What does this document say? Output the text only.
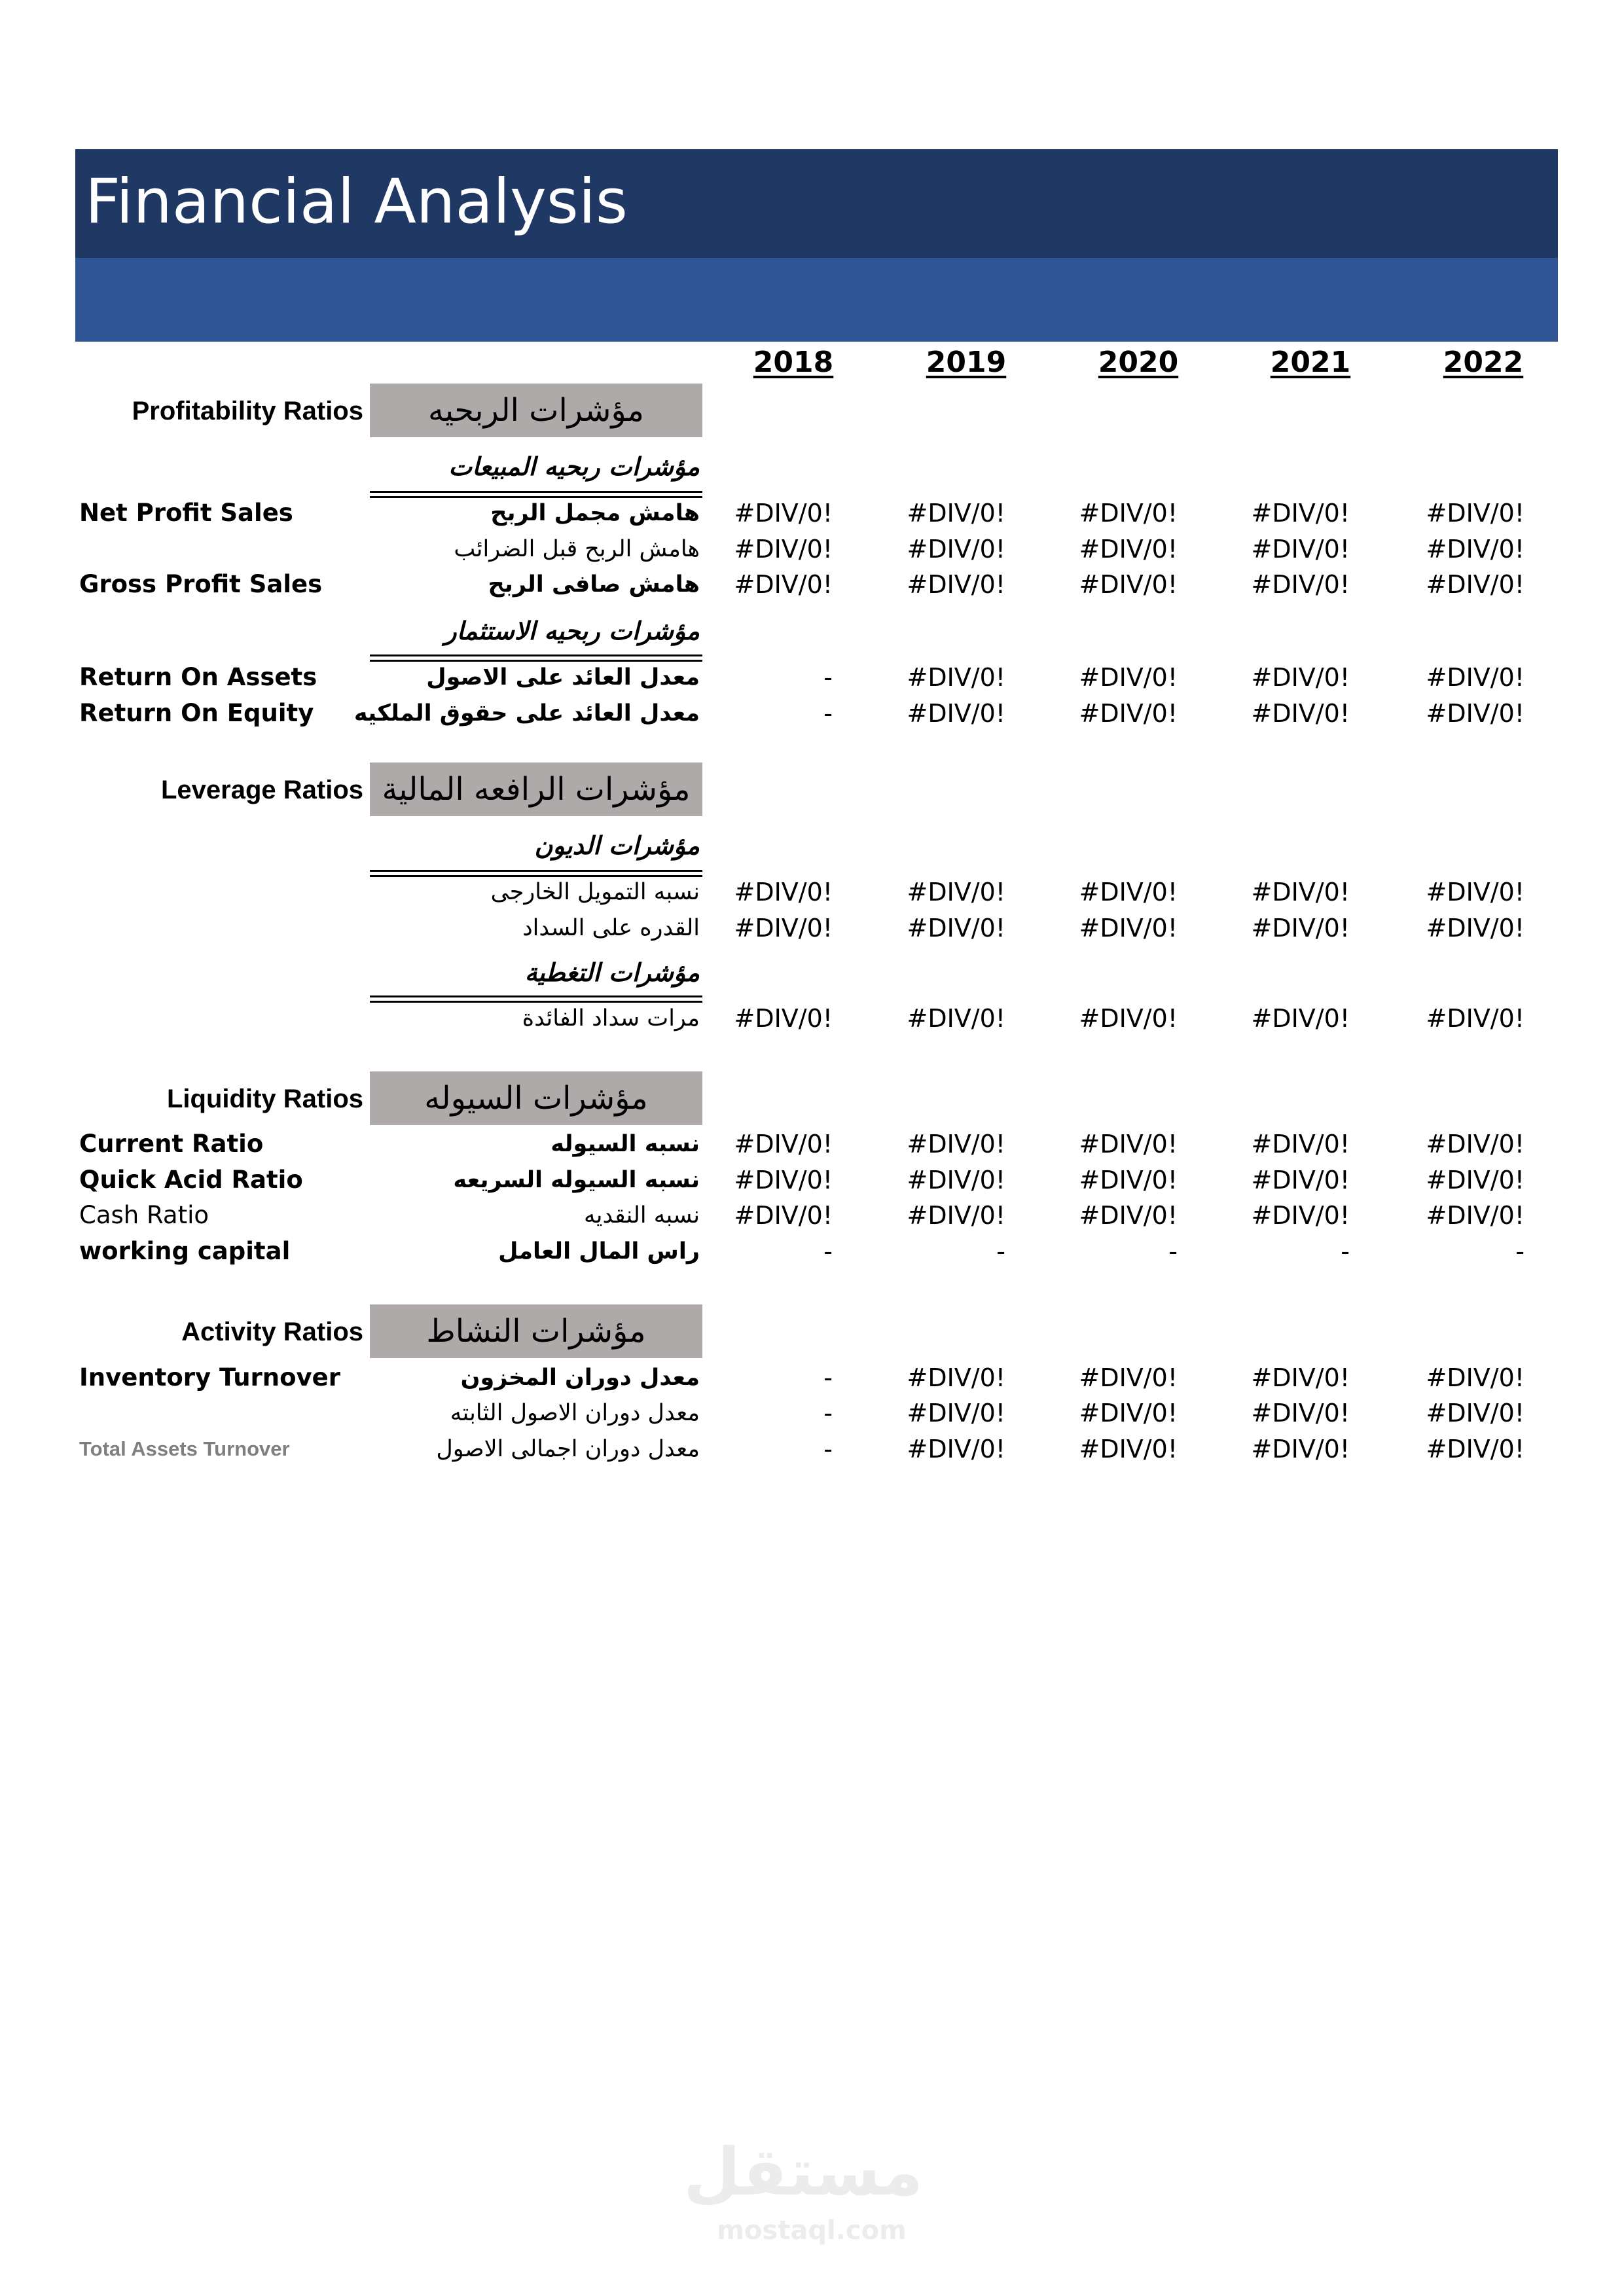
Financial Analysis
2018	2019	2020	2021	2022
Profitability Ratios	مؤشرات الربحيه
مؤشرات ربحيه المبيعات
Net Profit Sales	هامش مجمل الربح	#DIV/0!	#DIV/0!	#DIV/0!	#DIV/0!	#DIV/0!
هامش الربح قبل الضرائب	#DIV/0!	#DIV/0!	#DIV/0!	#DIV/0!	#DIV/0!
Gross Profit Sales	هامش صافى الربح	#DIV/0!	#DIV/0!	#DIV/0!	#DIV/0!	#DIV/0!
مؤشرات ربحيه الاستثمار
Return On Assets	معدل العائد على الاصول	-	#DIV/0!	#DIV/0!	#DIV/0!	#DIV/0!
Return On Equity معدل العائد على حقوق الملكيه	-	#DIV/0!	#DIV/0!	#DIV/0!	#DIV/0!
Leverage Ratios مؤشرات الرافعه المالية
مؤشرات الديون
نسبه التمويل الخارجى	#DIV/0!	#DIV/0!	#DIV/0!	#DIV/0!	#DIV/0!
القدره على السداد	#DIV/0!	#DIV/0!	#DIV/0!	#DIV/0!	#DIV/0!
مؤشرات التغطية
مرات سداد الفائدة	#DIV/0!	#DIV/0!	#DIV/0!	#DIV/0!	#DIV/0!
Liquidity Ratios	مؤشرات السيوله
Current Ratio	نسبه السيوله	#DIV/0!	#DIV/0!	#DIV/0!	#DIV/0!	#DIV/0!
Quick Acid Ratio	نسبه السيوله السريعه	#DIV/0!	#DIV/0!	#DIV/0!	#DIV/0!	#DIV/0!
Cash Ratio	نسبه النقديه	#DIV/0!	#DIV/0!	#DIV/0!	#DIV/0!	#DIV/0!
working capital	راس المال العامل	-	-	-	-	-
Activity Ratios	مؤشرات النشاط
Inventory Turnover	معدل دوران المخزون	-	#DIV/0!	#DIV/0!	#DIV/0!	#DIV/0!
معدل دوران الاصول الثابته	-	#DIV/0!	#DIV/0!	#DIV/0!	#DIV/0!
Total Assets Turnover	معدل دوران اجمالى الاصول	-	#DIV/0!	#DIV/0!	#DIV/0!	#DIV/0!
مستقل
mostaql.com
